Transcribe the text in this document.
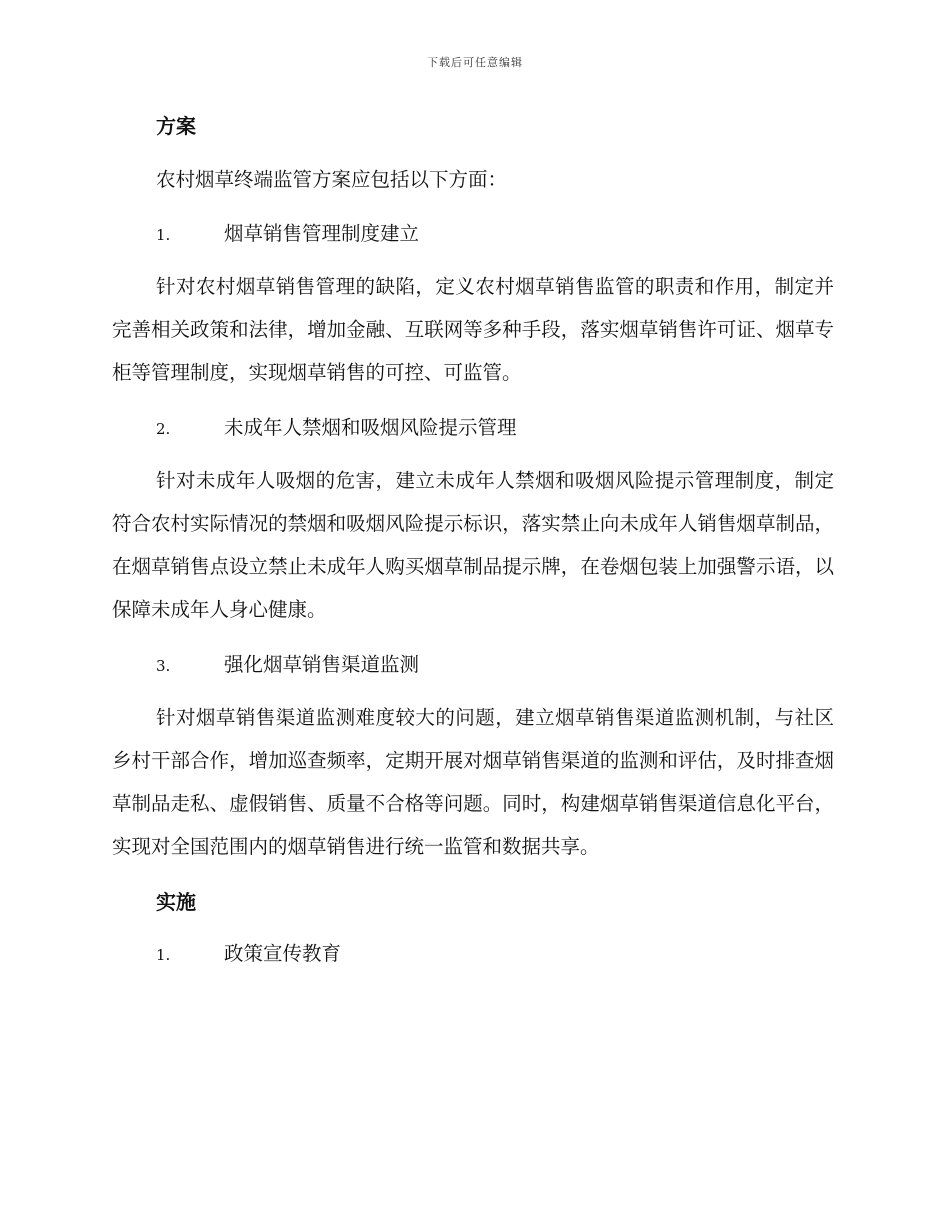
下载后可任意编辑
方案
农村烟草终端监管方案应包括以下方面：
1.	烟草销售管理制度建立

针对农村烟草销售管理的缺陷，定义农村烟草销售监管的职责和作用，制定并完善相关政策和法律，增加金融、互联网等多种手段，落实烟草销售许可证、烟草专柜等管理制度，实现烟草销售的可控、可监管。

2.	未成年人禁烟和吸烟风险提示管理

针对未成年人吸烟的危害，建立未成年人禁烟和吸烟风险提示管理制度，制定符合农村实际情况的禁烟和吸烟风险提示标识，落实禁止向未成年人销售烟草制品，在烟草销售点设立禁止未成年人购买烟草制品提示牌，在卷烟包装上加强警示语，以保障未成年人身心健康。

3.	强化烟草销售渠道监测

针对烟草销售渠道监测难度较大的问题，建立烟草销售渠道监测机制，与社区乡村干部合作，增加巡查频率，定期开展对烟草销售渠道的监测和评估，及时排查烟草制品走私、虚假销售、质量不合格等问题。同时，构建烟草销售渠道信息化平台，实现对全国范围内的烟草销售进行统一监管和数据共享。

实施
1.	政策宣传教育
